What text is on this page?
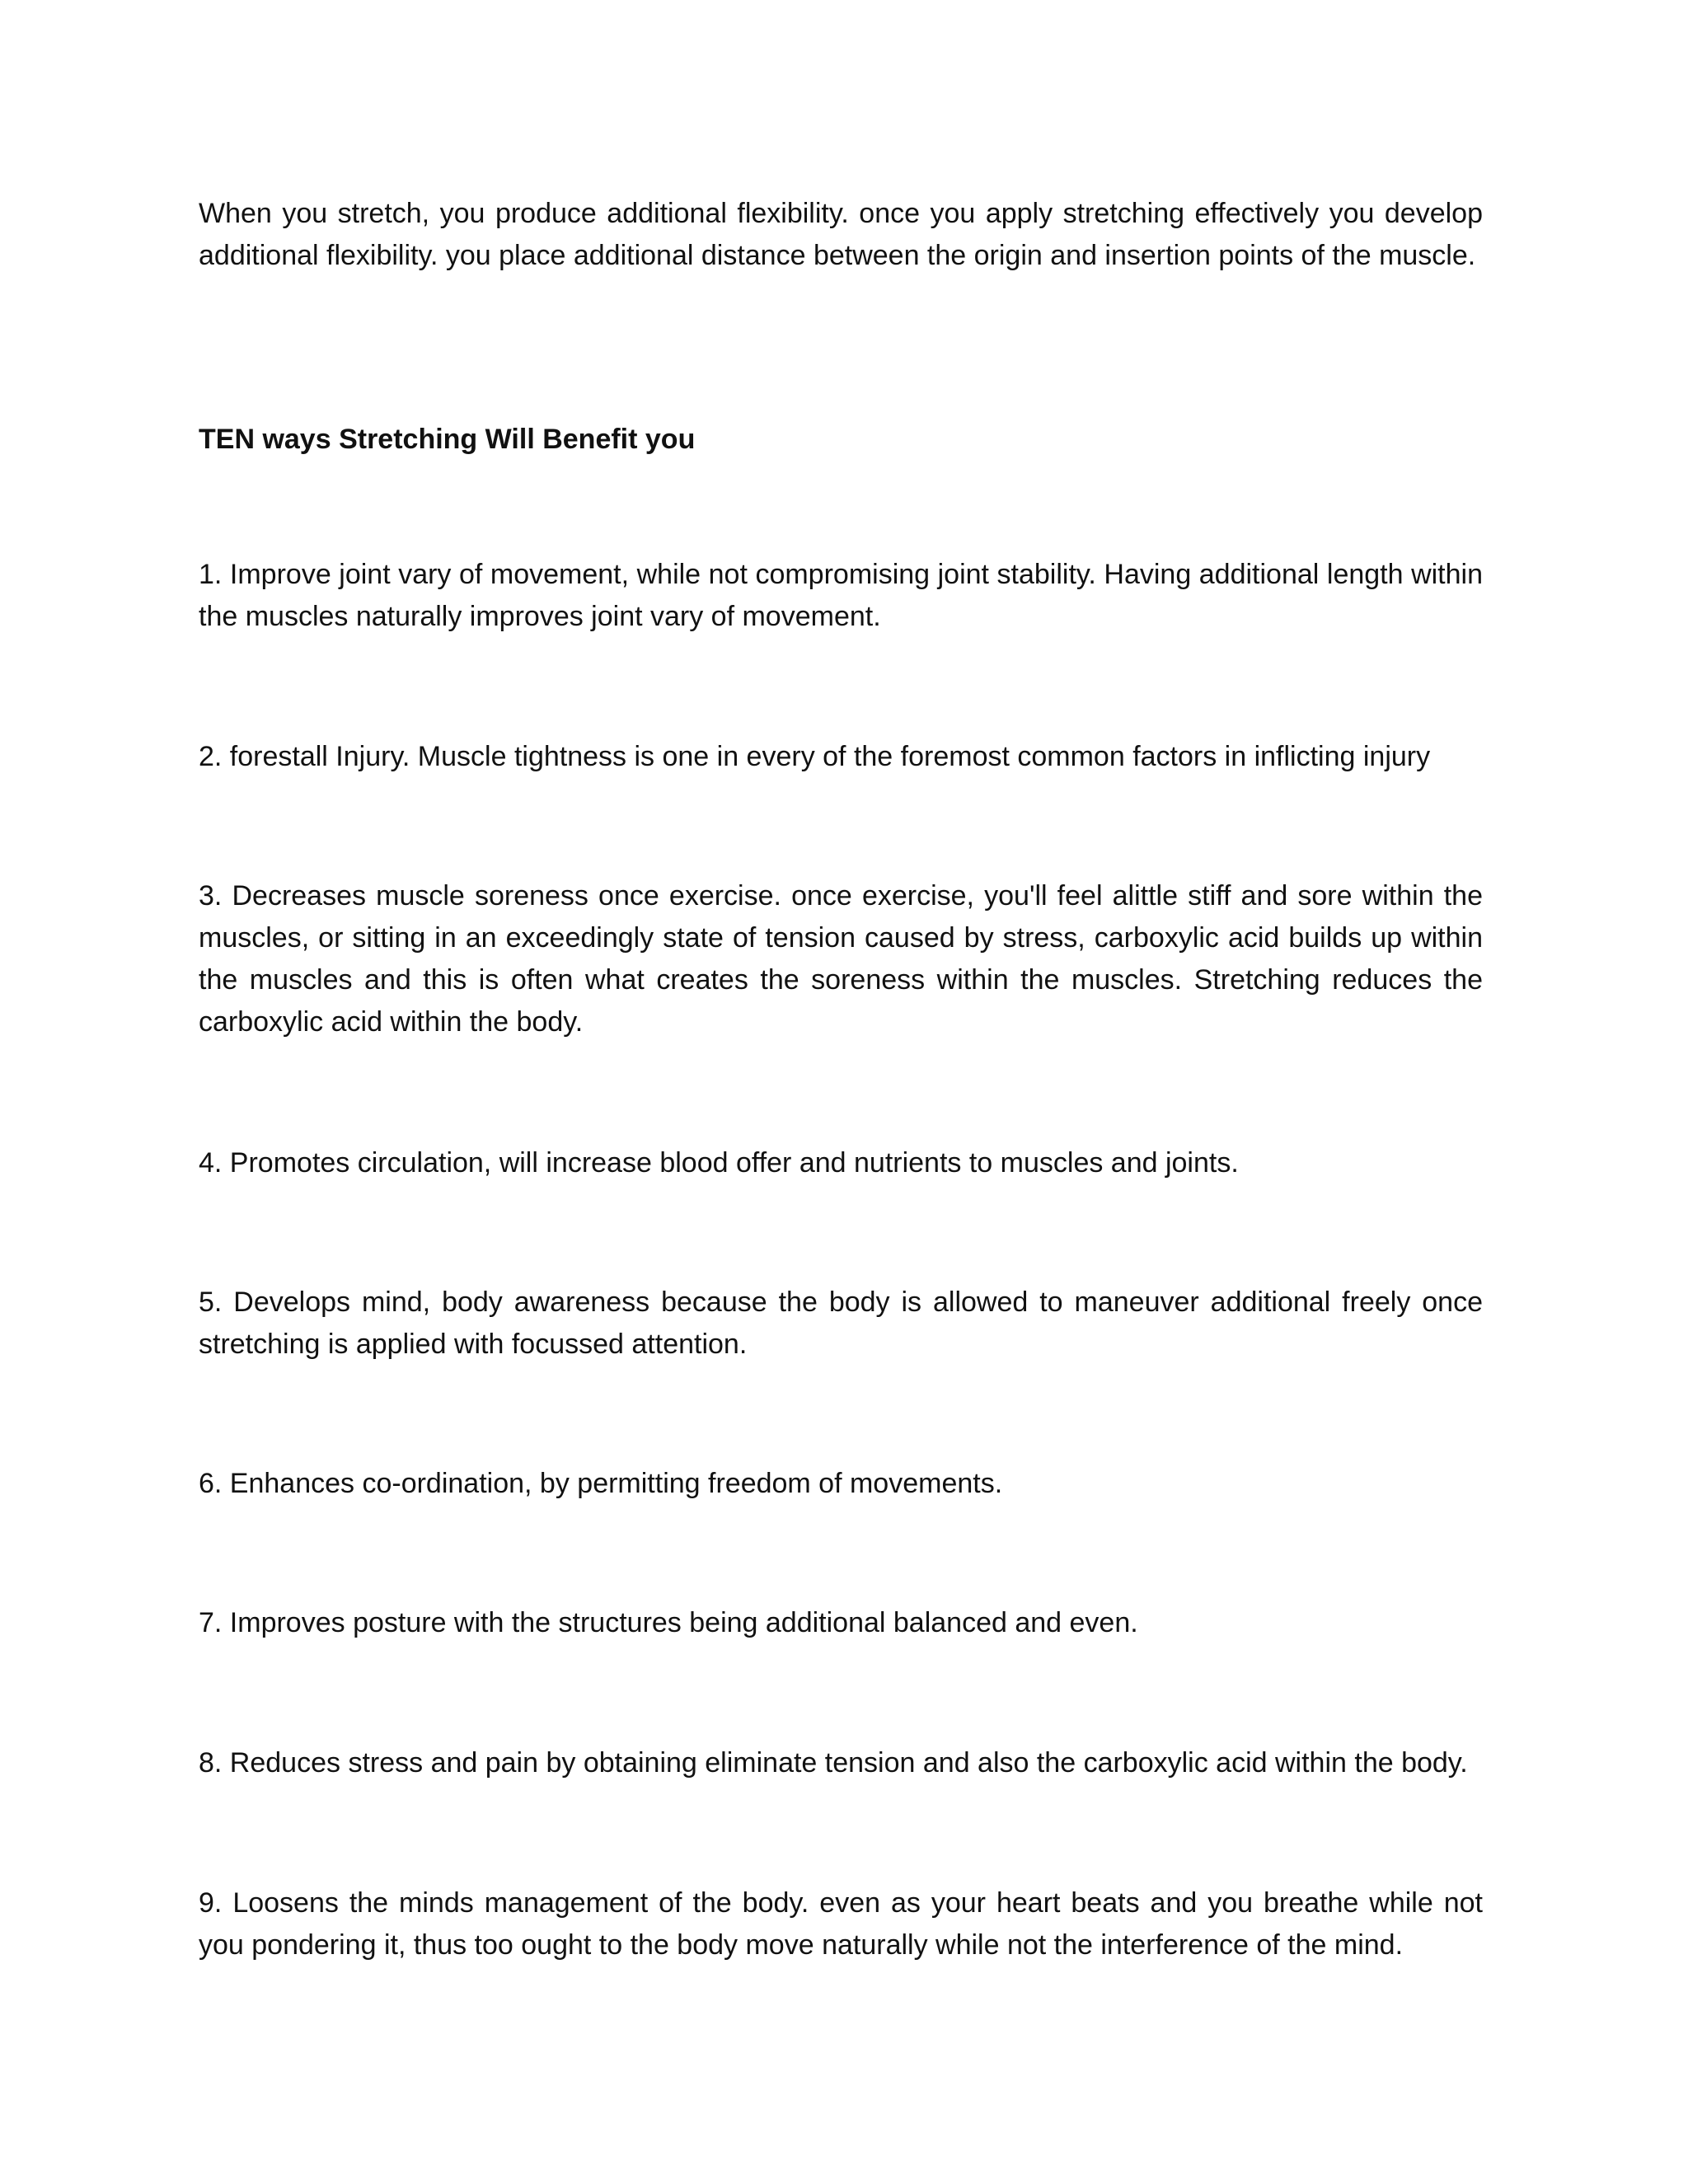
When you stretch, you produce additional flexibility. once you apply stretching effectively you develop additional flexibility. you place additional distance between the origin and insertion points of the muscle.

TEN ways Stretching Will Benefit you

1. Improve joint vary of movement, while not compromising joint stability. Having additional length within the muscles naturally improves joint vary of movement.

2. forestall Injury. Muscle tightness is one in every of the foremost common factors in inflicting injury

3. Decreases muscle soreness once exercise. once exercise, you'll feel alittle stiff and sore within the muscles, or sitting in an exceedingly state of tension caused by stress, carboxylic acid builds up within the muscles and this is often what creates the soreness within the muscles. Stretching reduces the carboxylic acid within the body.

4. Promotes circulation, will increase blood offer and nutrients to muscles and joints.

5. Develops mind, body awareness because the body is allowed to maneuver additional freely once stretching is applied with focussed attention.

6. Enhances co-ordination, by permitting freedom of movements.

7. Improves posture with the structures being additional balanced and even.

8. Reduces stress and pain by obtaining eliminate tension and also the carboxylic acid within the body.

9. Loosens the minds management of the body. even as your heart beats and you breathe while not you pondering it, thus too ought to the body move naturally while not the interference of the mind.
